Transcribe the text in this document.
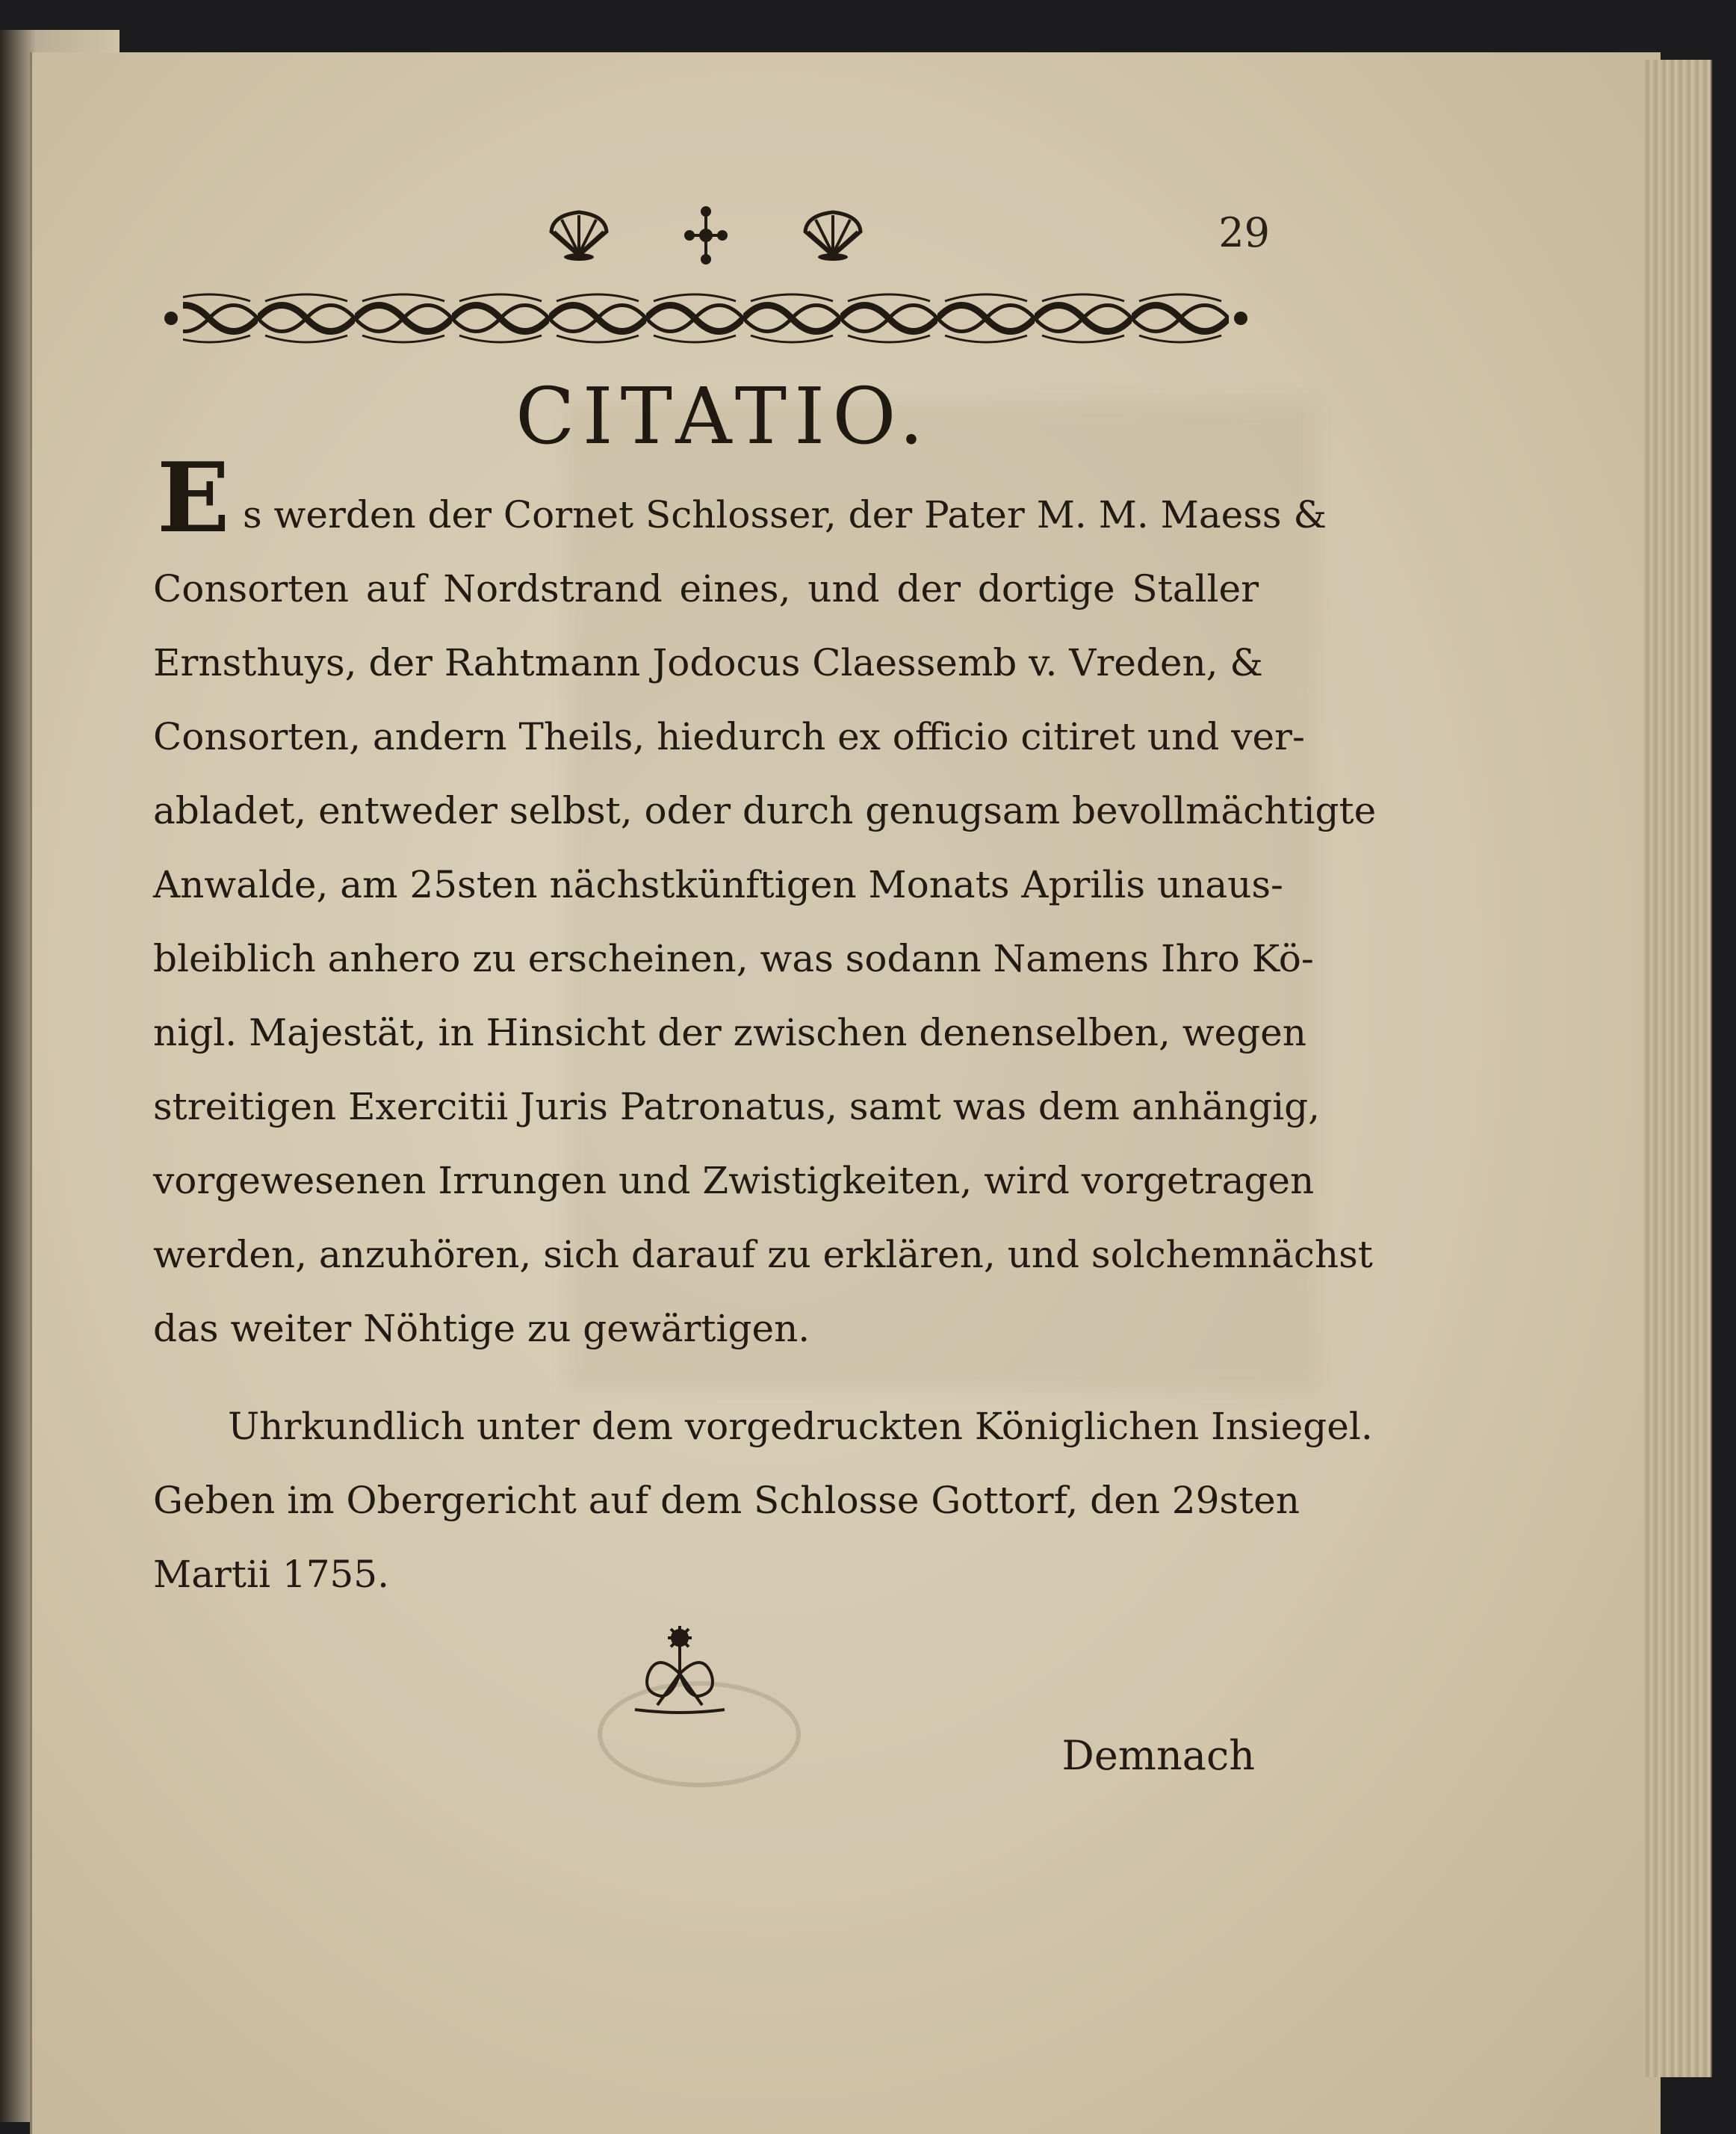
29
CITATIO.
E s werden der Cornet Schlosser, der Pater M. M. Maess &
Consorten auf Nordstrand eines, und der dortige Staller
Ernsthuys, der Rahtmann Jodocus Claessemb v. Vreden, &
Consorten, andern Theils, hiedurch ex officio citiret und ver-
abladet, entweder selbst, oder durch genugsam bevollmächtigte
Anwalde, am 25sten nächstkünftigen Monats Aprilis unaus-
bleiblich anhero zu erscheinen, was sodann Namens Ihro Kö-
nigl. Majestät, in Hinsicht der zwischen denenselben, wegen
streitigen Exercitii Juris Patronatus, samt was dem anhängig,
vorgewesenen Irrungen und Zwistigkeiten, wird vorgetragen
werden, anzuhören, sich darauf zu erklären, und solchemnächst
das weiter Nöhtige zu gewärtigen.
Uhrkundlich unter dem vorgedruckten Königlichen Insiegel.
Geben im Obergericht auf dem Schlosse Gottorf, den 29sten
Martii 1755.
Demnach
